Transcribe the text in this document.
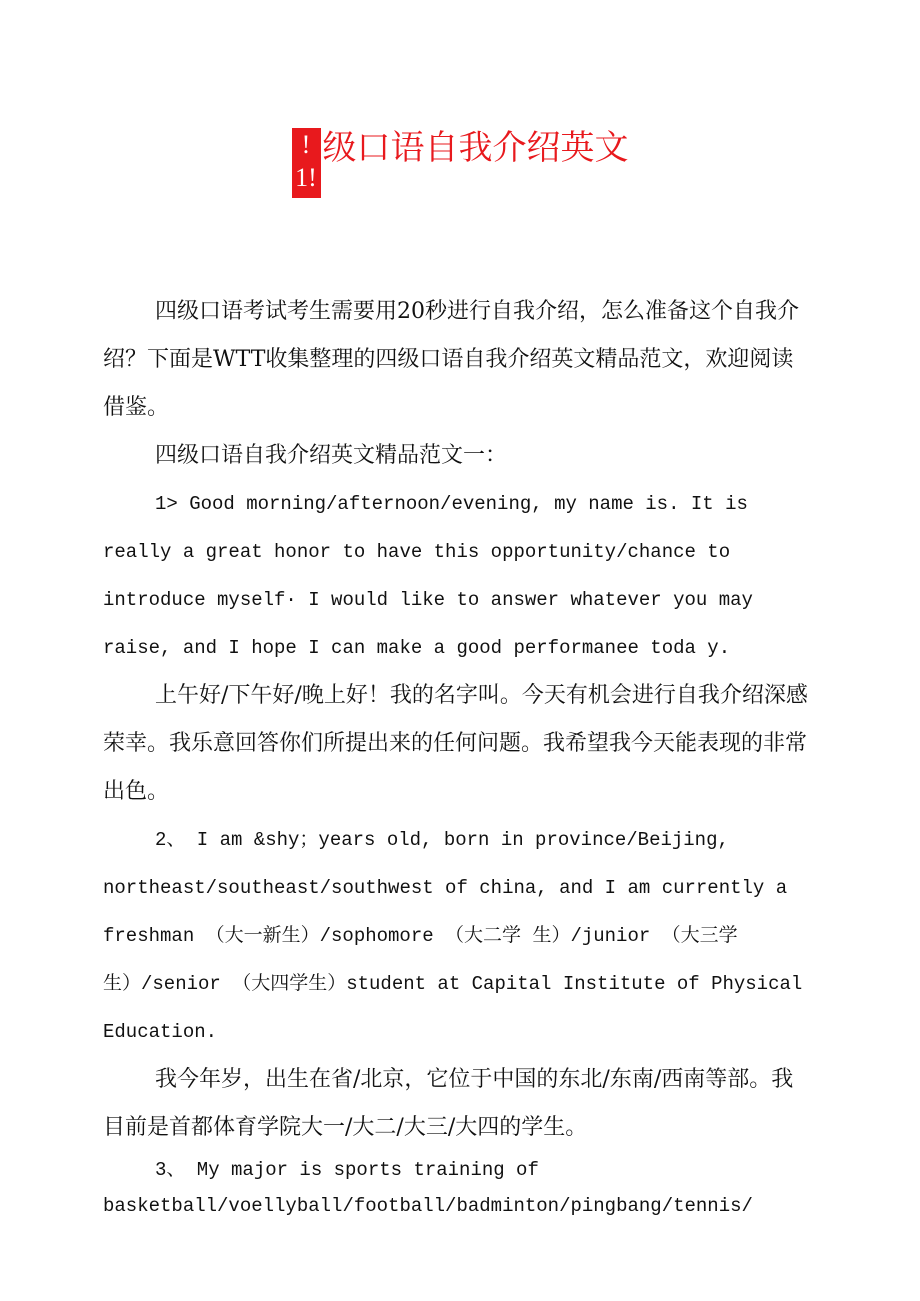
!1!
级口语自我介绍英文

四级口语考试考生需要用20秒进行自我介绍，怎么准备这个自我介绍？下面是WTT收集整理的四级口语自我介绍英文精品范文，欢迎阅读借鉴。

四级口语自我介绍英文精品范文一：

1> Good morning/afternoon/evening, my name is. It is really a great honor to have this opportunity/chance to introduce myself· I would like to answer whatever you may raise, and I hope I can make a good performanee toda y.

上午好/下午好/晚上好！我的名字叫。今天有机会进行自我介绍深感荣幸。我乐意回答你们所提出来的任何问题。我希望我今天能表现的非常出色。

2、 I am &shy；years old, born in province/Beijing, northeast/southeast/southwest of china, and I am currently a freshman （大一新生）/sophomore （大二学 生）/junior （大三学生）/senior （大四学生）student at Capital Institute of Physical Education.

我今年岁，出生在省/北京，它位于中国的东北/东南/西南等部。我目前是首都体育学院大一/大二/大三/大四的学生。

3、 My major is sports training of basketball/voellyball/football/badminton/pingbang/tennis/
